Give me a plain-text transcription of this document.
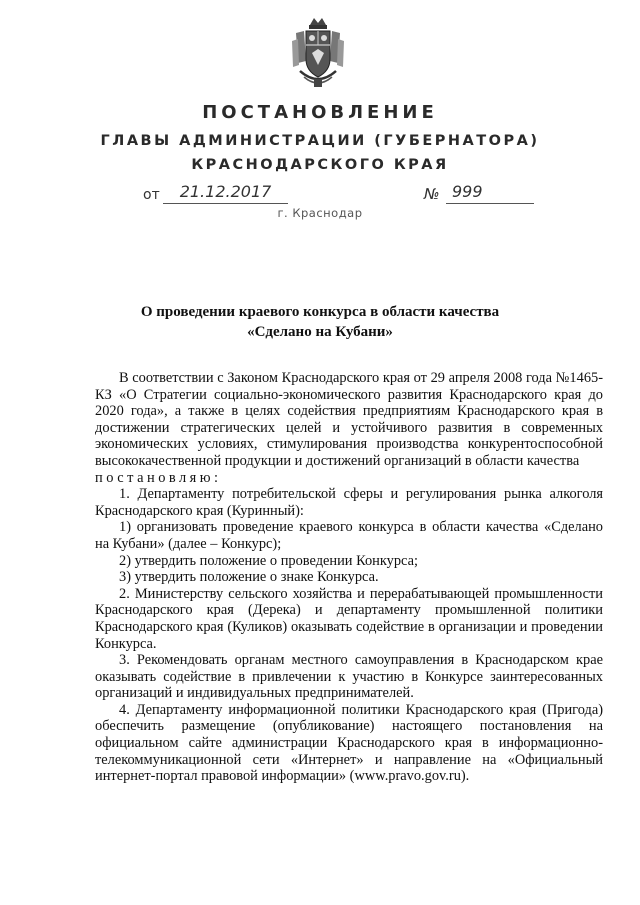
ПОСТАНОВЛЕНИЕ
ГЛАВЫ АДМИНИСТРАЦИИ (ГУБЕРНАТОРА)
КРАСНОДАРСКОГО КРАЯ
от	21.12.2017	№ 999
г. Краснодар
О проведении краевого конкурса в области качества
«Сделано на Кубани»

В соответствии с Законом Краснодарского края от 29 апреля 2008 года №1465-КЗ «О Стратегии социально-экономического развития Краснодарского края до 2020 года», а также в целях содействия предприятиям Краснодарского края в достижении стратегических целей и устойчивого развития в современных экономических условиях, стимулирования производства конкурентоспособной высококачественной продукции и достижений организаций в области качества

постановляю:

1. Департаменту потребительской сферы и регулирования рынка алкоголя Краснодарского края (Куринный):

1) организовать проведение краевого конкурса в области качества «Сделано на Кубани» (далее – Конкурс);

2) утвердить положение о проведении Конкурса;

3) утвердить положение о знаке Конкурса.

2. Министерству сельского хозяйства и перерабатывающей промышленности Краснодарского края (Дерека) и департаменту промышленной политики Краснодарского края (Куликов) оказывать содействие в организации и проведении Конкурса.

3. Рекомендовать органам местного самоуправления в Краснодарском крае оказывать содействие в привлечении к участию в Конкурсе заинтересованных организаций и индивидуальных предпринимателей.

4. Департаменту информационной политики Краснодарского края (Пригода) обеспечить размещение (опубликование) настоящего постановления на официальном сайте администрации Краснодарского края в информационно-телекоммуникационной сети «Интернет» и направление на «Официальный интернет-портал правовой информации» (www.pravo.gov.ru).
